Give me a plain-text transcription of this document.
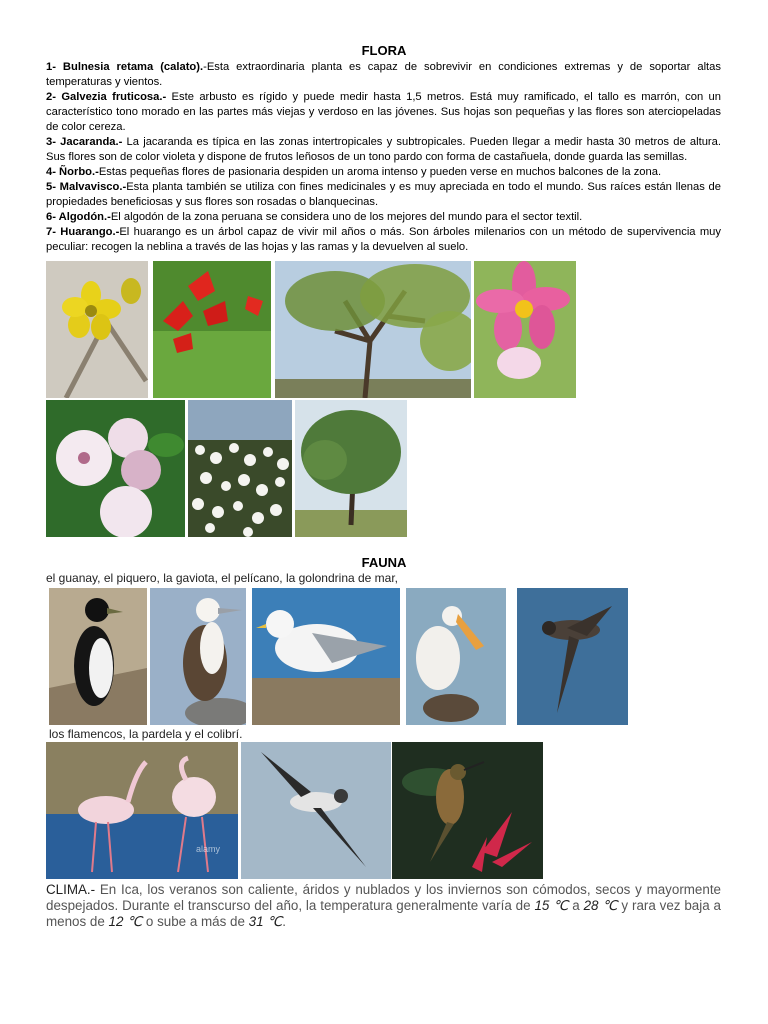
FLORA
1- Bulnesia retama (calato).-Esta extraordinaria planta es capaz de sobrevivir en condiciones extremas y de soportar altas temperaturas y vientos.
2- Galvezia fruticosa.- Este arbusto es rígido y puede medir hasta 1,5 metros. Está muy ramificado, el tallo es marrón, con un característico tono morado en las partes más viejas y verdoso en las jóvenes. Sus hojas son pequeñas y las flores son aterciopeladas de color cereza.
3- Jacaranda.- La jacaranda es típica en las zonas intertropicales y subtropicales. Pueden llegar a medir hasta 30 metros de altura. Sus flores son de color violeta y dispone de frutos leñosos de un tono pardo con forma de castañuela, donde guarda las semillas.
4- Ñorbo.-Estas pequeñas flores de pasionaria despiden un aroma intenso y pueden verse en muchos balcones de la zona.
5- Malvavisco.-Esta planta también se utiliza con fines medicinales y es muy apreciada en todo el mundo. Sus raíces están llenas de propiedades beneficiosas y sus flores son rosadas o blanquecinas.
6- Algodón.-El algodón de la zona peruana se considera uno de los mejores del mundo para el sector textil.
7- Huarango.-El huarango es un árbol capaz de vivir mil años o más. Son árboles milenarios con un método de supervivencia muy peculiar: recogen la neblina a través de las hojas y las ramas y la devuelven al suelo.
FAUNA
el guanay, el piquero, la gaviota, el pelícano, la golondrina de mar,
los flamencos, la pardela y el colibrí.
alamy
CLIMA.- En Ica, los veranos son caliente, áridos y nublados y los inviernos son cómodos, secos y mayormente despejados. Durante el transcurso del año, la temperatura generalmente varía de 15 ℃ a 28 ℃ y rara vez baja a menos de 12 ℃ o sube a más de 31 ℃.
